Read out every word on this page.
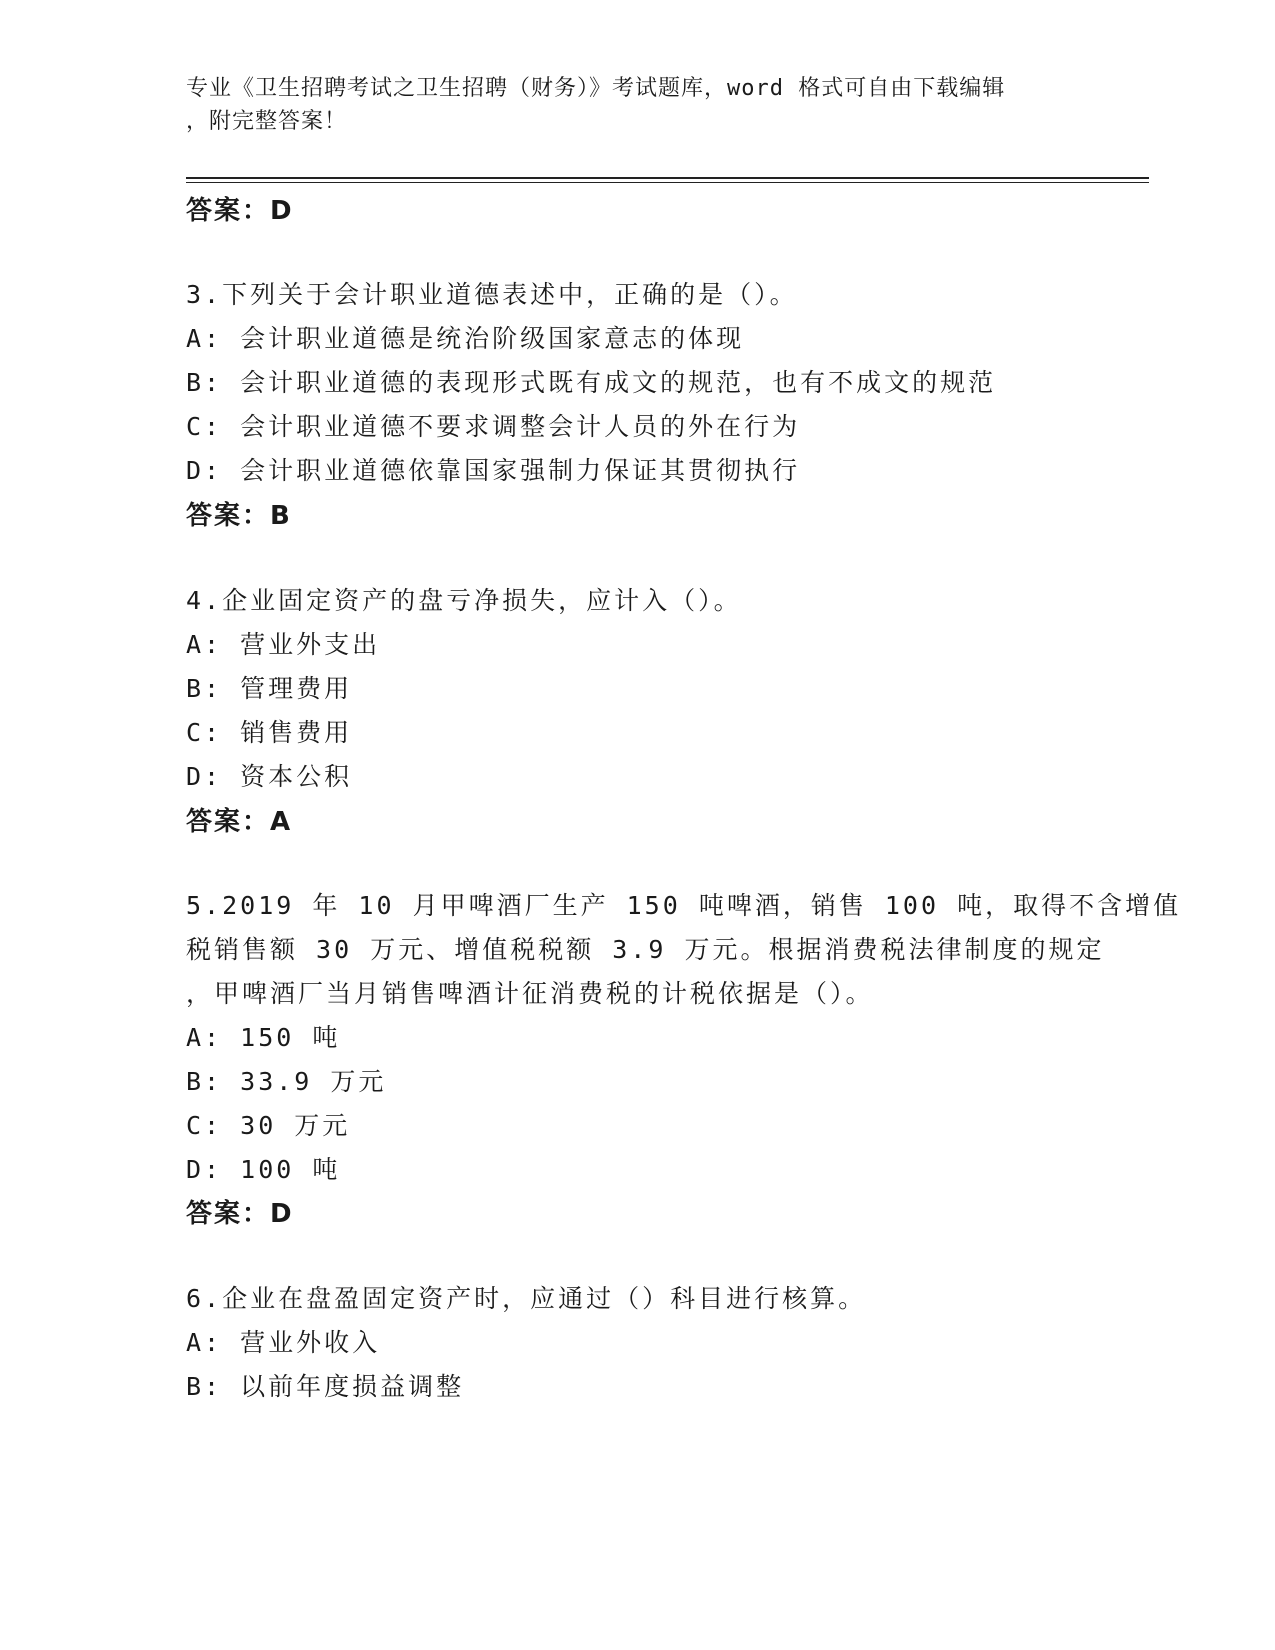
专业《卫生招聘考试之卫生招聘（财务）》考试题库，word 格式可自由下载编辑
，附完整答案！
答案：D
3.下列关于会计职业道德表述中，正确的是（）。
A: 会计职业道德是统治阶级国家意志的体现
B: 会计职业道德的表现形式既有成文的规范，也有不成文的规范
C: 会计职业道德不要求调整会计人员的外在行为
D: 会计职业道德依靠国家强制力保证其贯彻执行
答案：B
4.企业固定资产的盘亏净损失，应计入（）。
A: 营业外支出
B: 管理费用
C: 销售费用
D: 资本公积
答案：A
5.2019 年 10 月甲啤酒厂生产 150 吨啤酒，销售 100 吨，取得不含增值
税销售额 30 万元、增值税税额 3.9 万元。根据消费税法律制度的规定
，甲啤酒厂当月销售啤酒计征消费税的计税依据是（）。
A: 150 吨
B: 33.9 万元
C: 30 万元
D: 100 吨
答案：D
6.企业在盘盈固定资产时，应通过（）科目进行核算。
A: 营业外收入
B: 以前年度损益调整
